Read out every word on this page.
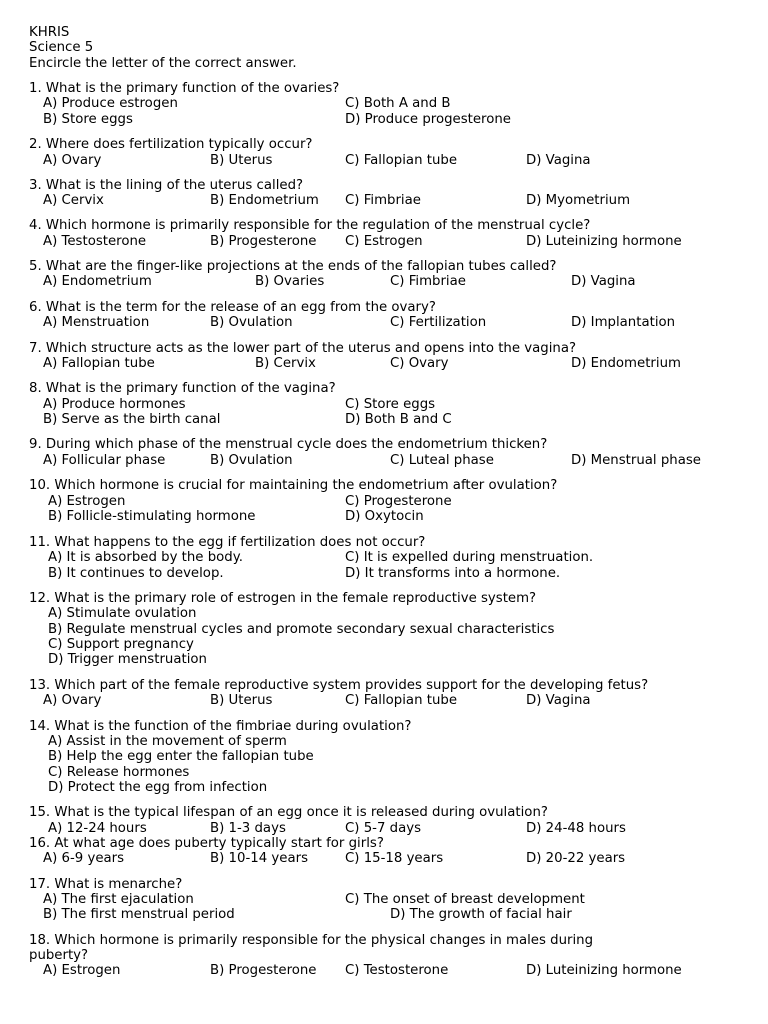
KHRIS
Science 5
Encircle the letter of the correct answer.
1. What is the primary function of the ovaries?
A) Produce estrogen	C) Both A and B
B) Store eggs	D) Produce progesterone
2. Where does fertilization typically occur?
A) Ovary	B) Uterus	C) Fallopian tube	D) Vagina
3. What is the lining of the uterus called?
A) Cervix	B) Endometrium C) Fimbriae	D) Myometrium
4. Which hormone is primarily responsible for the regulation of the menstrual cycle?
A) Testosterone	B) Progesterone C) Estrogen	D) Luteinizing hormone
5. What are the finger-like projections at the ends of the fallopian tubes called?
A) Endometrium	B) Ovaries	C) Fimbriae	D) Vagina
6. What is the term for the release of an egg from the ovary?
A) Menstruation	B) Ovulation	C) Fertilization	D) Implantation
7. Which structure acts as the lower part of the uterus and opens into the vagina?
A) Fallopian tube	B) Cervix	C) Ovary	D) Endometrium
8. What is the primary function of the vagina?
A) Produce hormones	C) Store eggs
B) Serve as the birth canal	D) Both B and C
9. During which phase of the menstrual cycle does the endometrium thicken?
A) Follicular phase	B) Ovulation	C) Luteal phase	D) Menstrual phase
10. Which hormone is crucial for maintaining the endometrium after ovulation?
A) Estrogen	C) Progesterone
B) Follicle-stimulating hormone	D) Oxytocin
11. What happens to the egg if fertilization does not occur?
A) It is absorbed by the body.	C) It is expelled during menstruation.
B) It continues to develop.	D) It transforms into a hormone.
12. What is the primary role of estrogen in the female reproductive system?
A) Stimulate ovulation
B) Regulate menstrual cycles and promote secondary sexual characteristics
C) Support pregnancy
D) Trigger menstruation
13. Which part of the female reproductive system provides support for the developing fetus?
A) Ovary	B) Uterus	C) Fallopian tube	D) Vagina
14. What is the function of the fimbriae during ovulation?
A) Assist in the movement of sperm
B) Help the egg enter the fallopian tube
C) Release hormones
D) Protect the egg from infection
15. What is the typical lifespan of an egg once it is released during ovulation?
A) 12-24 hours	B) 1-3 days	C) 5-7 days	D) 24-48 hours
16. At what age does puberty typically start for girls?
A) 6-9 years	B) 10-14 years	C) 15-18 years	D) 20-22 years
17. What is menarche?
A) The first ejaculation	C) The onset of breast development
B) The first menstrual period	D) The growth of facial hair
18. Which hormone is primarily responsible for the physical changes in males during
puberty?
A) Estrogen	B) Progesterone C) Testosterone	D) Luteinizing hormone
